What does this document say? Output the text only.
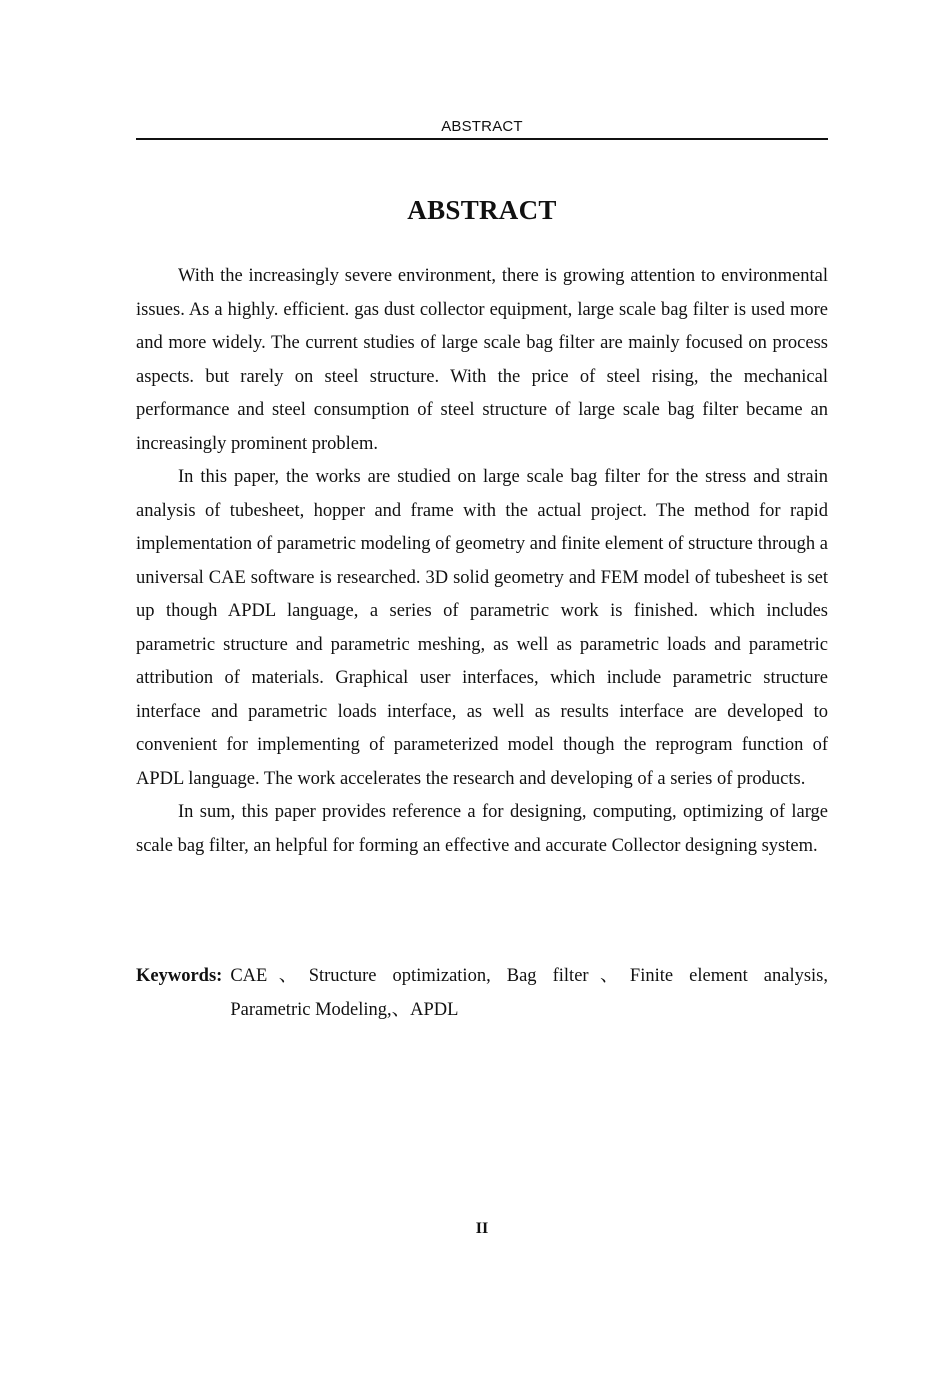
ABSTRACT
ABSTRACT

With the increasingly severe environment, there is growing attention to environmental issues. As a highly. efficient. gas dust collector equipment, large scale bag filter is used more and more widely. The current studies of large scale bag filter are mainly focused on process aspects. but rarely on steel structure. With the price of steel rising, the mechanical performance and steel consumption of steel structure of large scale bag filter became an increasingly prominent problem.

In this paper, the works are studied on large scale bag filter for the stress and strain analysis of tubesheet, hopper and frame with the actual project. The method for rapid implementation of parametric modeling of geometry and finite element of structure through a universal CAE software is researched. 3D solid geometry and FEM model of tubesheet is set up though APDL language, a series of parametric work is finished. which includes parametric structure and parametric meshing, as well as parametric loads and parametric attribution of materials. Graphical user interfaces, which include parametric structure interface and parametric loads interface, as well as results interface are developed to convenient for implementing of parameterized model though the reprogram function of APDL language. The work accelerates the research and developing of a series of products.

In sum, this paper provides reference a for designing, computing, optimizing of large scale bag filter, an helpful for forming an effective and accurate Collector designing system.

Keywords: CAE、Structure optimization, Bag filter、Finite element analysis,
Parametric Modeling,、APDL
II
